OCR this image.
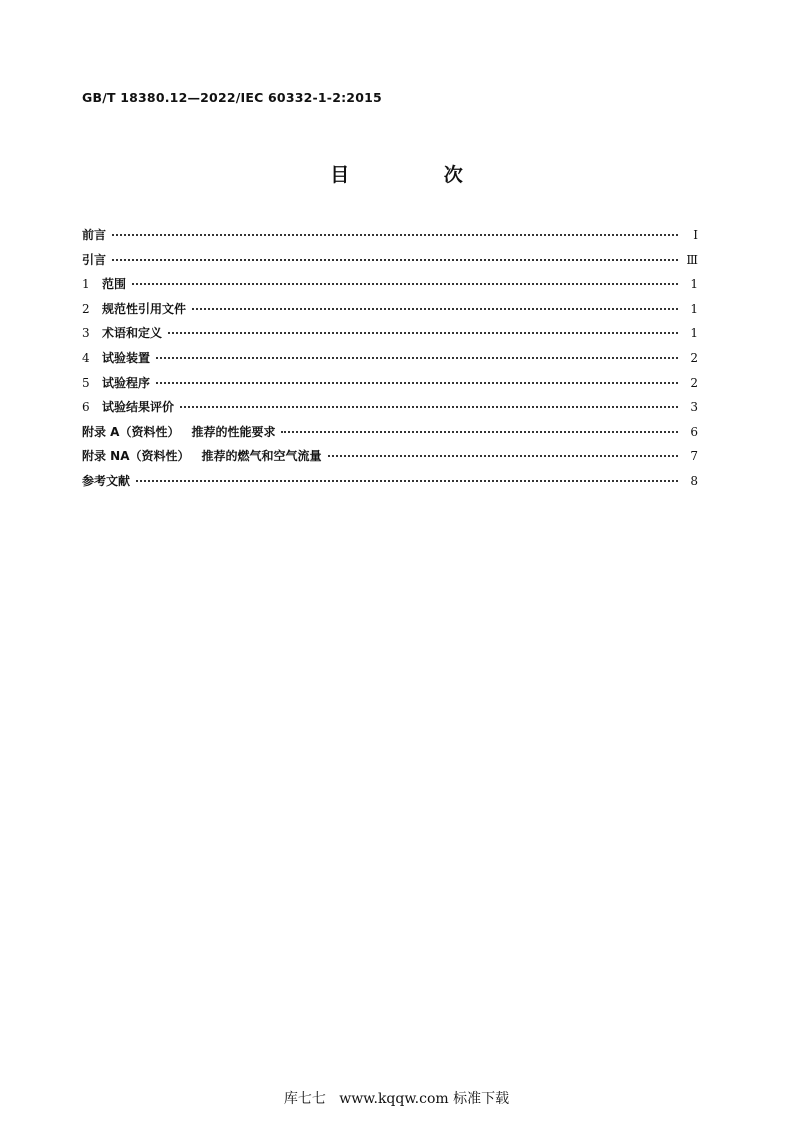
GB/T 18380.12—2022/IEC 60332-1-2:2015
目 次
前言	Ⅰ
引言	Ⅲ
1 范围	1
2 规范性引用文件	1
3 术语和定义	1
4 试验装置	2
5 试验程序	2
6 试验结果评价	3
附录 A（资料性） 推荐的性能要求	6
附录 NA（资料性） 推荐的燃气和空气流量	7
参考文献	8
库七七   www.kqqw.com 标准下载
